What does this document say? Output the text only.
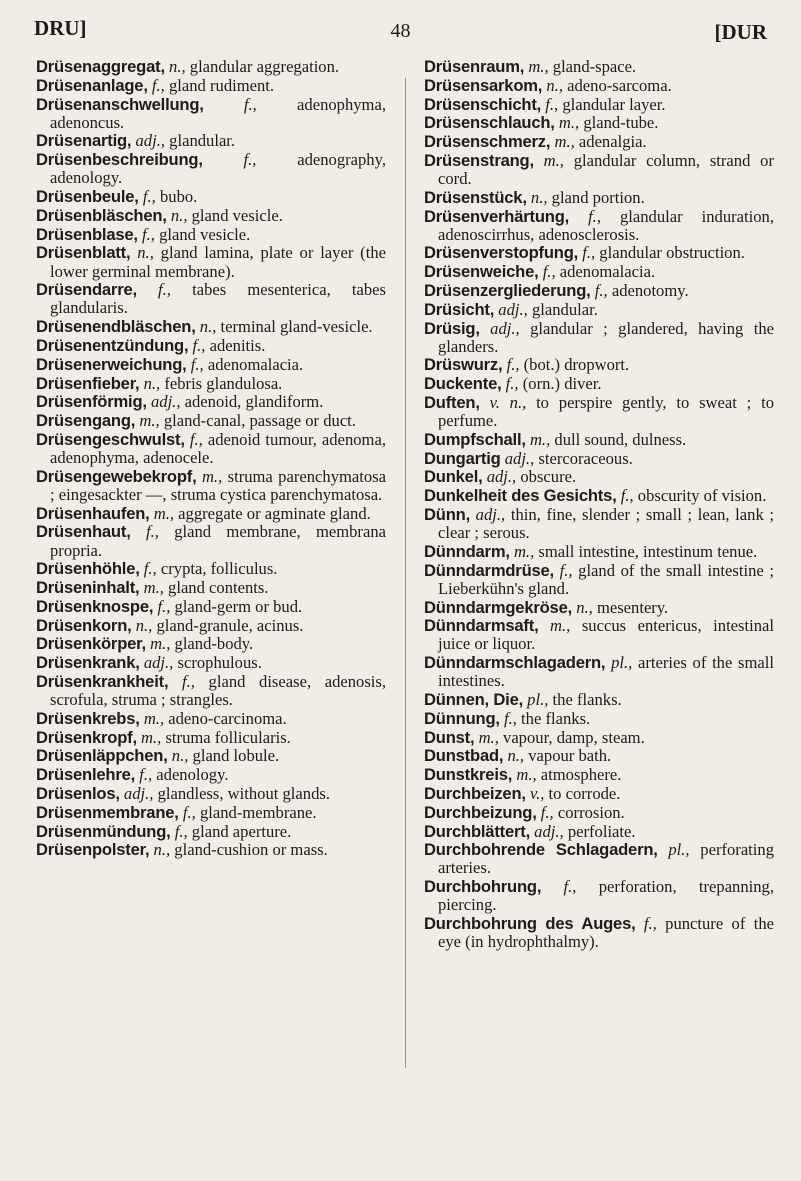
DRU]	48	[DUR

Drüsenaggregat, n., glandular aggregation.

Drüsenanlage, f., gland rudiment.

Drüsenanschwellung, f., adenophyma, adenoncus.

Drüsenartig, adj., glandular.

Drüsenbeschreibung, f., adenography, adenology.

Drüsenbeule, f., bubo.

Drüsenbläschen, n., gland vesicle.

Drüsenblase, f., gland vesicle.

Drüsenblatt, n., gland lamina, plate or layer (the lower germinal membrane).

Drüsendarre, f., tabes mesenterica, tabes glandularis.

Drüsenendbläschen, n., terminal gland-vesicle.

Drüsenentzündung, f., adenitis.

Drüsenerweichung, f., adenomalacia.

Drüsenfieber, n., febris glandulosa.

Drüsenförmig, adj., adenoid, glandiform.

Drüsengang, m., gland-canal, passage or duct.

Drüsengeschwulst, f., adenoid tumour, adenoma, adenophyma, adenocele.

Drüsengewebekropf, m., struma parenchymatosa ; eingesackter —, struma cystica parenchymatosa.

Drüsenhaufen, m., aggregate or agminate gland.

Drüsenhaut, f., gland membrane, membrana propria.

Drüsenhöhle, f., crypta, folliculus.

Drüseninhalt, m., gland contents.

Drüsenknospe, f., gland-germ or bud.

Drüsenkorn, n., gland-granule, acinus.

Drüsenkörper, m., gland-body.

Drüsenkrank, adj., scrophulous.

Drüsenkrankheit, f., gland disease, adenosis, scrofula, struma ; strangles.

Drüsenkrebs, m., adeno-carcinoma.

Drüsenkropf, m., struma follicularis.

Drüsenläppchen, n., gland lobule.

Drüsenlehre, f., adenology.

Drüsenlos, adj., glandless, without glands.

Drüsenmembrane, f., gland-membrane.

Drüsenmündung, f., gland aperture.

Drüsenpolster, n., gland-cushion or mass.

Drüsenraum, m., gland-space.

Drüsensarkom, n., adeno-sarcoma.

Drüsenschicht, f., glandular layer.

Drüsenschlauch, m., gland-tube.

Drüsenschmerz, m., adenalgia.

Drüsenstrang, m., glandular column, strand or cord.

Drüsenstück, n., gland portion.

Drüsenverhärtung, f., glandular induration, adenoscirrhus, adenosclerosis.

Drüsenverstopfung, f., glandular obstruction.

Drüsenweiche, f., adenomalacia.

Drüsenzergliederung, f., adenotomy.

Drüsicht, adj., glandular.

Drüsig, adj., glandular ; glandered, having the glanders.

Drüswurz, f., (bot.) dropwort.

Duckente, f., (orn.) diver.

Duften, v. n., to perspire gently, to sweat ; to perfume.

Dumpfschall, m., dull sound, dulness.

Dungartig adj., stercoraceous.

Dunkel, adj., obscure.

Dunkelheit des Gesichts, f., obscurity of vision.

Dünn, adj., thin, fine, slender ; small ; lean, lank ; clear ; serous.

Dünndarm, m., small intestine, intestinum tenue.

Dünndarmdrüse, f., gland of the small intestine ; Lieberkühn's gland.

Dünndarmgekröse, n., mesentery.

Dünndarmsaft, m., succus entericus, intestinal juice or liquor.

Dünndarmschlagadern, pl., arteries of the small intestines.

Dünnen, Die, pl., the flanks.

Dünnung, f., the flanks.

Dunst, m., vapour, damp, steam.

Dunstbad, n., vapour bath.

Dunstkreis, m., atmosphere.

Durchbeizen, v., to corrode.

Durchbeizung, f., corrosion.

Durchblättert, adj., perfoliate.

Durchbohrende Schlagadern, pl., perforating arteries.

Durchbohrung, f., perforation, trepanning, piercing.

Durchbohrung des Auges, f., puncture of the eye (in hydrophthalmy).
